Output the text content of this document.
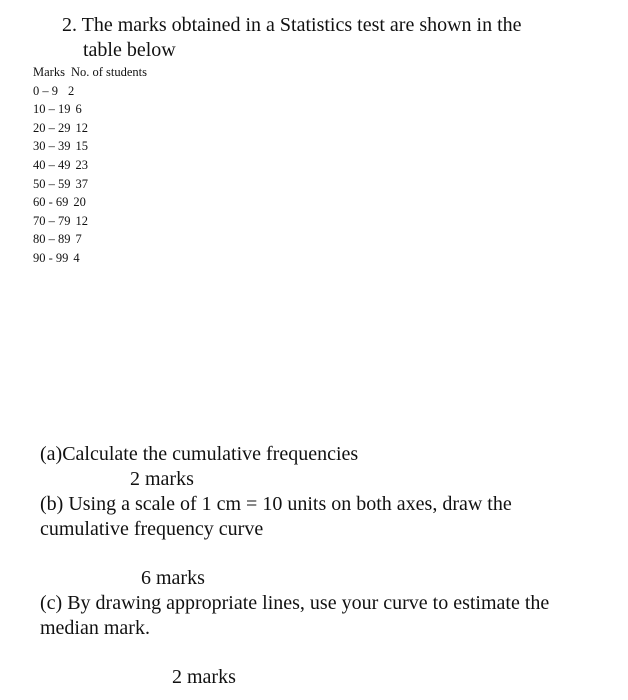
2. The marks obtained in a Statistics test are shown in the
table below
Marks No. of students
0 – 9 2
10 – 19 6
20 – 29 12
30 – 39 15
40 – 49 23
50 – 59 37
60 - 69 20
70 – 79 12
80 – 89 7
90 - 99 4
(a)Calculate the cumulative frequencies
2 marks
(b) Using a scale of 1 cm = 10 units on both axes, draw the
cumulative frequency curve
6 marks
(c) By drawing appropriate lines, use your curve to estimate the
median mark.
2 marks
